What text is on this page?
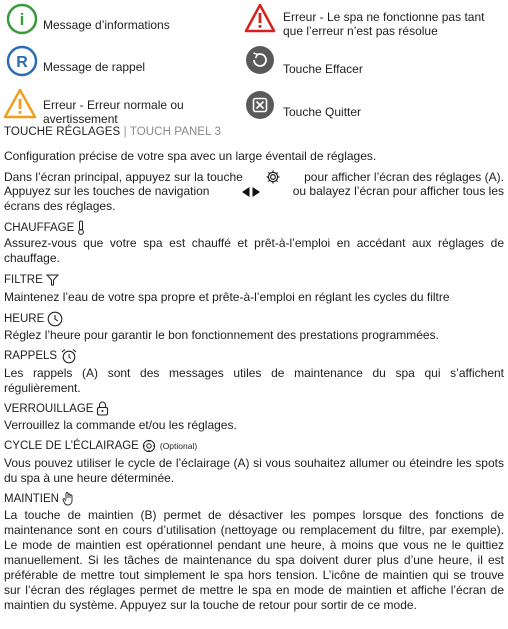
i Message d’informations
Erreur - Le spa ne fonctionne pas tant
que l’erreur n’est pas résolue
R Message de rappel	Touche Effacer
Erreur - Erreur normale ou
avertissement	Touche Quitter
TOUCHE RÉGLAGES | TOUCH PANEL 3
Configuration précise de votre spa avec un large éventail de réglages.
Dans l’écran principal, appuyez sur la touche	pour afficher l’écran des réglages (A).
Appuyez sur les touches de navigation	ou balayez l’écran pour afficher tous les
écrans des réglages.
CHAUFFAGE
Assurez-vous que votre spa est chauffé et prêt-à-l’emploi en accédant aux réglages de chauffage.
FILTRE
Maintenez l’eau de votre spa propre et prête-à-l’emploi en réglant les cycles du filtre
HEURE
Réglez l’heure pour garantir le bon fonctionnement des prestations programmées.
RAPPELS
Les rappels (A) sont des messages utiles de maintenance du spa qui s’affichent régulièrement.
VERROUILLAGE
Verrouillez la commande et/ou les réglages.
CYCLE DE L’ÉCLAIRAGE (Optional)
Vous pouvez utiliser le cycle de l’éclairage (A) si vous souhaitez allumer ou éteindre les spots du spa à une heure déterminée.
MAINTIEN
La touche de maintien (B) permet de désactiver les pompes lorsque des fonctions de maintenance sont en cours d’utilisation (nettoyage ou remplacement du filtre, par exemple). Le mode de maintien est opérationnel pendant une heure, à moins que vous ne le quittiez manuellement. Si les tâches de maintenance du spa doivent durer plus d’une heure, il est préférable de mettre tout simplement le spa hors tension. L’icône de maintien qui se trouve sur l’écran des réglages permet de mettre le spa en mode de maintien et affiche l’écran de maintien du système. Appuyez sur la touche de retour pour sortir de ce mode.
